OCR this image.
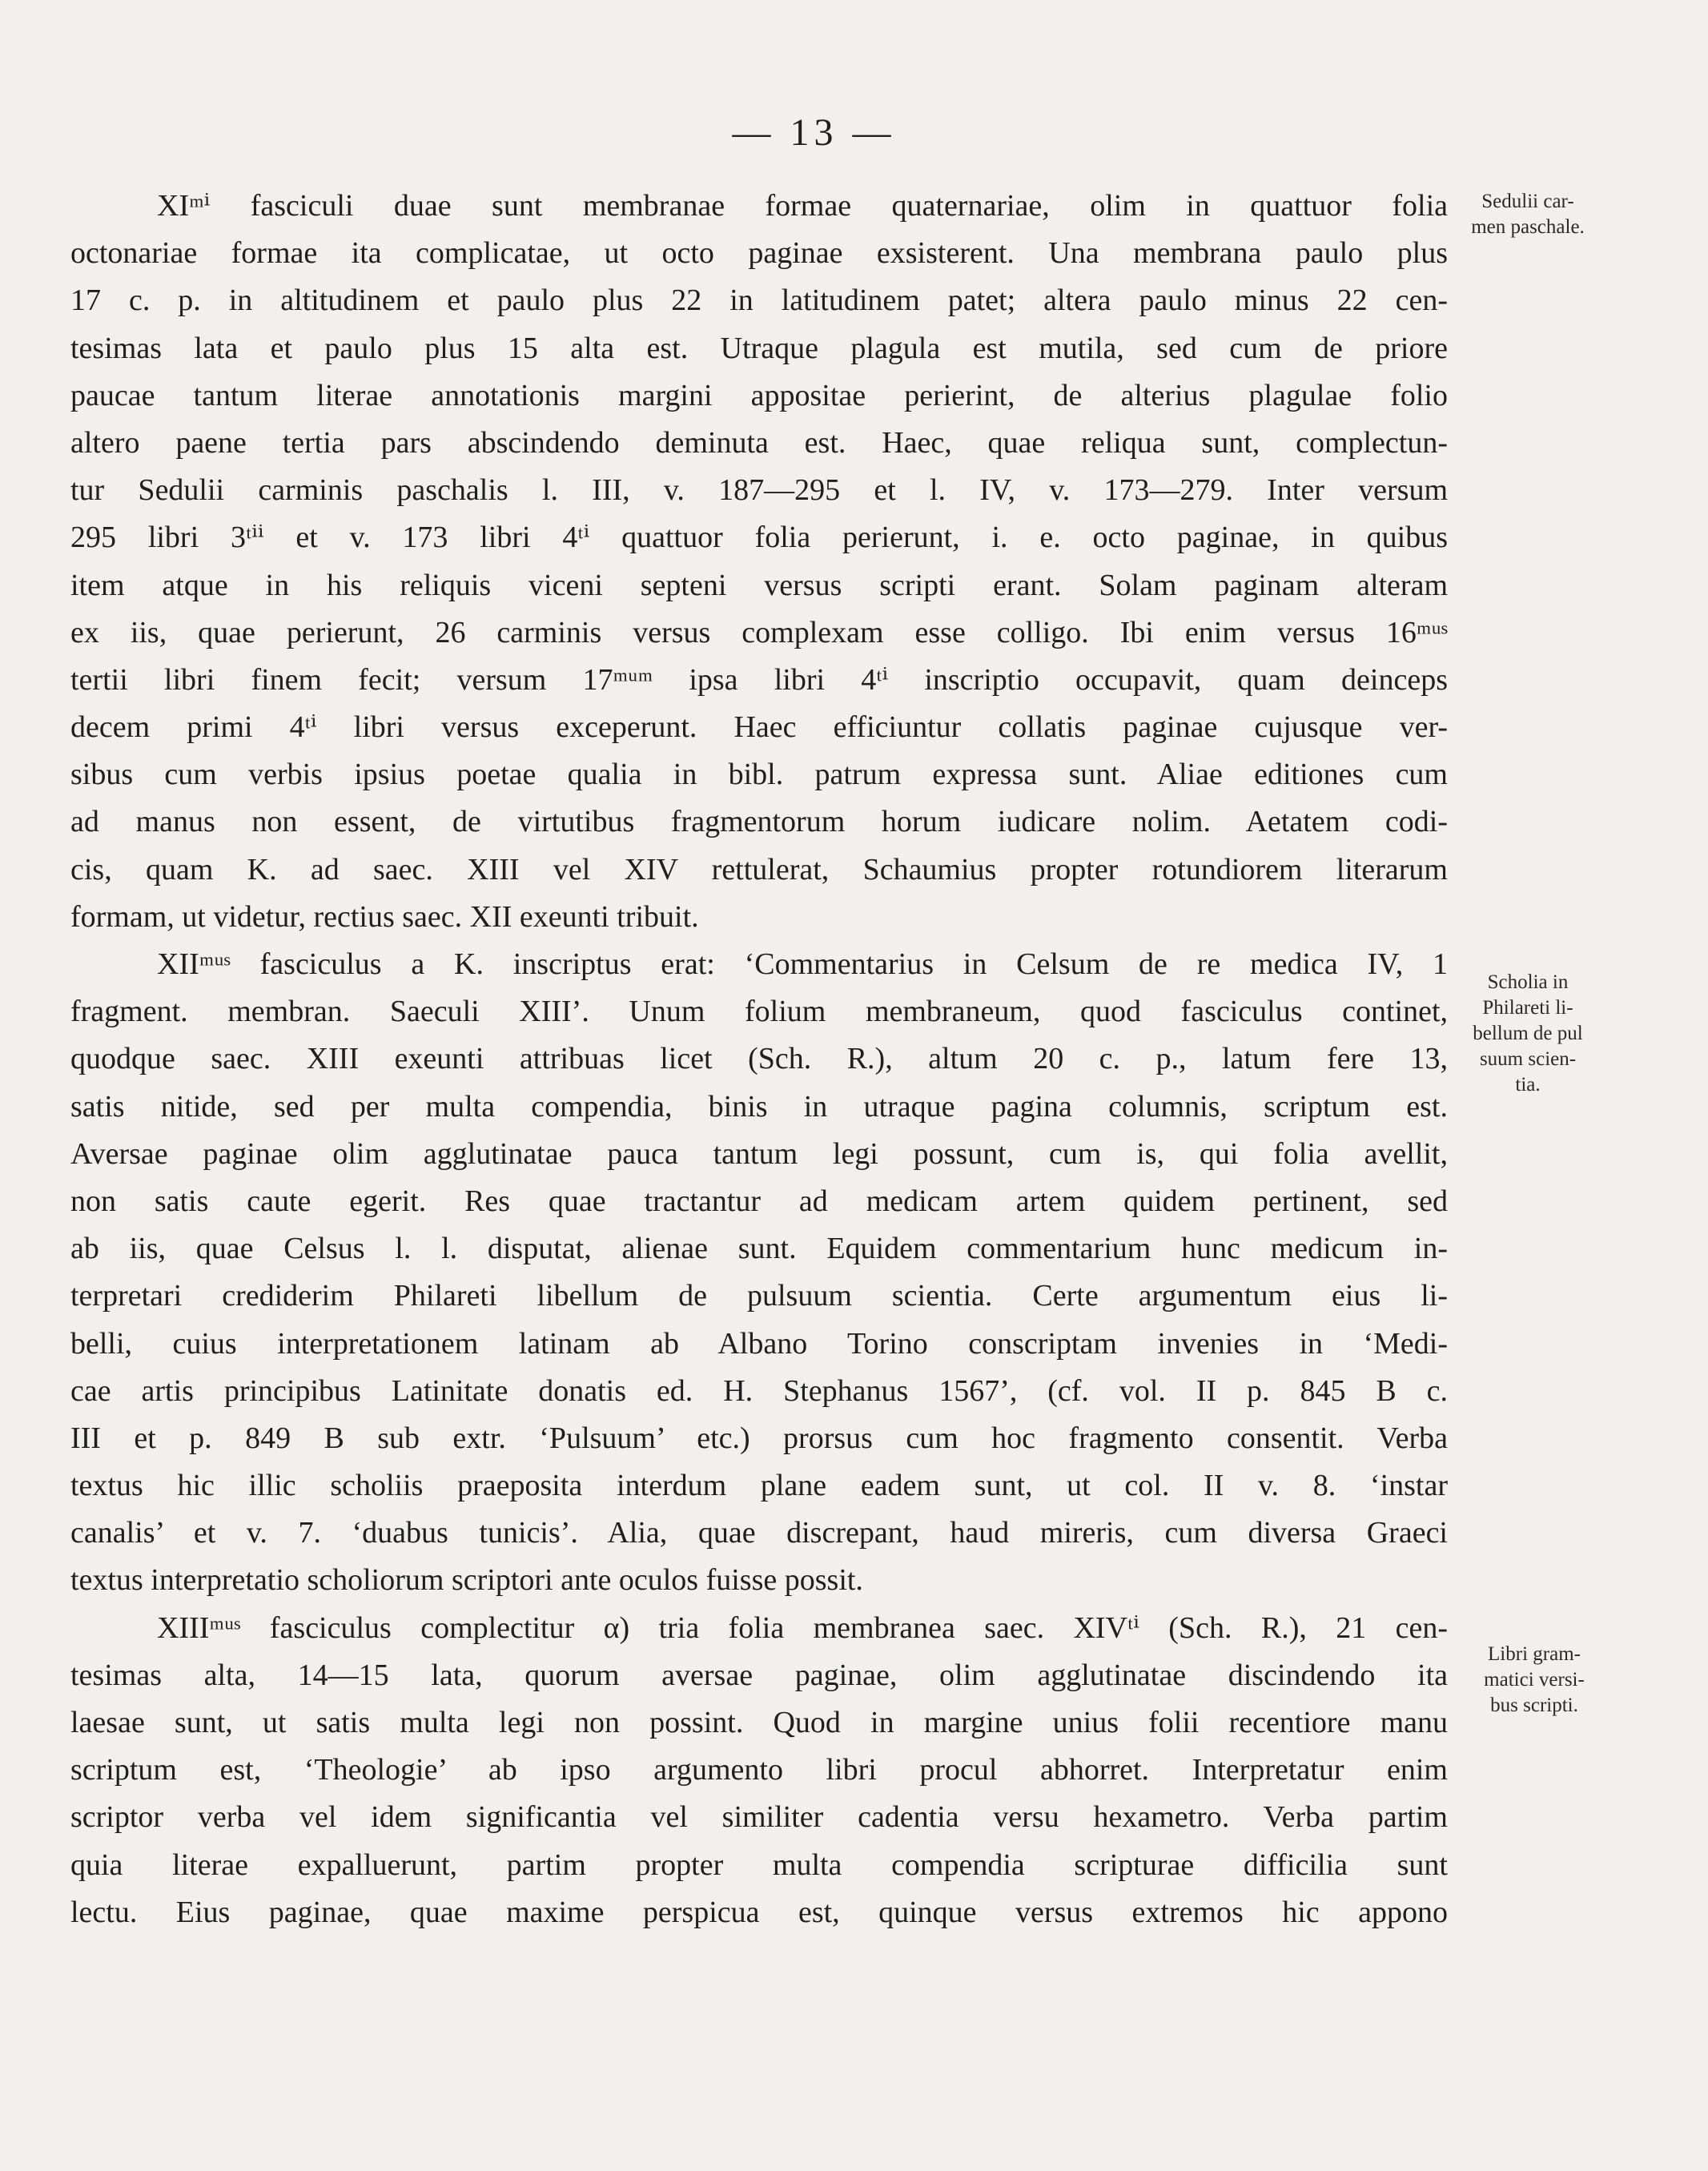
— 13 —
XIᵐⁱ fasciculi duae sunt membranae formae quaternariae, olim in quattuor folia
octonariae formae ita complicatae, ut octo paginae exsisterent. Una membrana paulo plus
17 c. p. in altitudinem et paulo plus 22 in latitudinem patet; altera paulo minus 22 cen-
tesimas lata et paulo plus 15 alta est. Utraque plagula est mutila, sed cum de priore
paucae tantum literae annotationis margini appositae perierint, de alterius plagulae folio
altero paene tertia pars abscindendo deminuta est. Haec, quae reliqua sunt, complectun-
tur Sedulii carminis paschalis l. III, v. 187—295 et l. IV, v. 173—279. Inter versum
295 libri 3ᵗⁱⁱ et v. 173 libri 4ᵗⁱ quattuor folia perierunt, i. e. octo paginae, in quibus
item atque in his reliquis viceni septeni versus scripti erant. Solam paginam alteram
ex iis, quae perierunt, 26 carminis versus complexam esse colligo. Ibi enim versus 16ᵐᵘˢ
tertii libri finem fecit; versum 17ᵐᵘᵐ ipsa libri 4ᵗⁱ inscriptio occupavit, quam deinceps
decem primi 4ᵗⁱ libri versus exceperunt. Haec efficiuntur collatis paginae cujusque ver-
sibus cum verbis ipsius poetae qualia in bibl. patrum expressa sunt. Aliae editiones cum
ad manus non essent, de virtutibus fragmentorum horum iudicare nolim. Aetatem codi-
cis, quam K. ad saec. XIII vel XIV rettulerat, Schaumius propter rotundiorem literarum
formam, ut videtur, rectius saec. XII exeunti tribuit.
XIIᵐᵘˢ fasciculus a K. inscriptus erat: ‘Commentarius in Celsum de re medica IV, 1
fragment. membran. Saeculi XIII’. Unum folium membraneum, quod fasciculus continet,
quodque saec. XIII exeunti attribuas licet (Sch. R.), altum 20 c. p., latum fere 13,
satis nitide, sed per multa compendia, binis in utraque pagina columnis, scriptum est.
Aversae paginae olim agglutinatae pauca tantum legi possunt, cum is, qui folia avellit,
non satis caute egerit. Res quae tractantur ad medicam artem quidem pertinent, sed
ab iis, quae Celsus l. l. disputat, alienae sunt. Equidem commentarium hunc medicum in-
terpretari crediderim Philareti libellum de pulsuum scientia. Certe argumentum eius li-
belli, cuius interpretationem latinam ab Albano Torino conscriptam invenies in ‘Medi-
cae artis principibus Latinitate donatis ed. H. Stephanus 1567’, (cf. vol. II p. 845 B c.
III et p. 849 B sub extr. ‘Pulsuum’ etc.) prorsus cum hoc fragmento consentit. Verba
textus hic illic scholiis praeposita interdum plane eadem sunt, ut col. II v. 8. ‘instar
canalis’ et v. 7. ‘duabus tunicis’. Alia, quae discrepant, haud mireris, cum diversa Graeci
textus interpretatio scholiorum scriptori ante oculos fuisse possit.
XIIIᵐᵘˢ fasciculus complectitur α) tria folia membranea saec. XIVᵗⁱ (Sch. R.), 21 cen-
tesimas alta, 14—15 lata, quorum aversae paginae, olim agglutinatae discindendo ita
laesae sunt, ut satis multa legi non possint. Quod in margine unius folii recentiore manu
scriptum est, ‘Theologie’ ab ipso argumento libri procul abhorret. Interpretatur enim
scriptor verba vel idem significantia vel similiter cadentia versu hexametro. Verba partim
quia literae expalluerunt, partim propter multa compendia scripturae difficilia sunt
lectu. Eius paginae, quae maxime perspicua est, quinque versus extremos hic appono
Sedulii car-
men paschale.
Scholia in
Philareti li-
bellum de pul
suum scien-
tia.
Libri gram-
matici versi-
bus scripti.
